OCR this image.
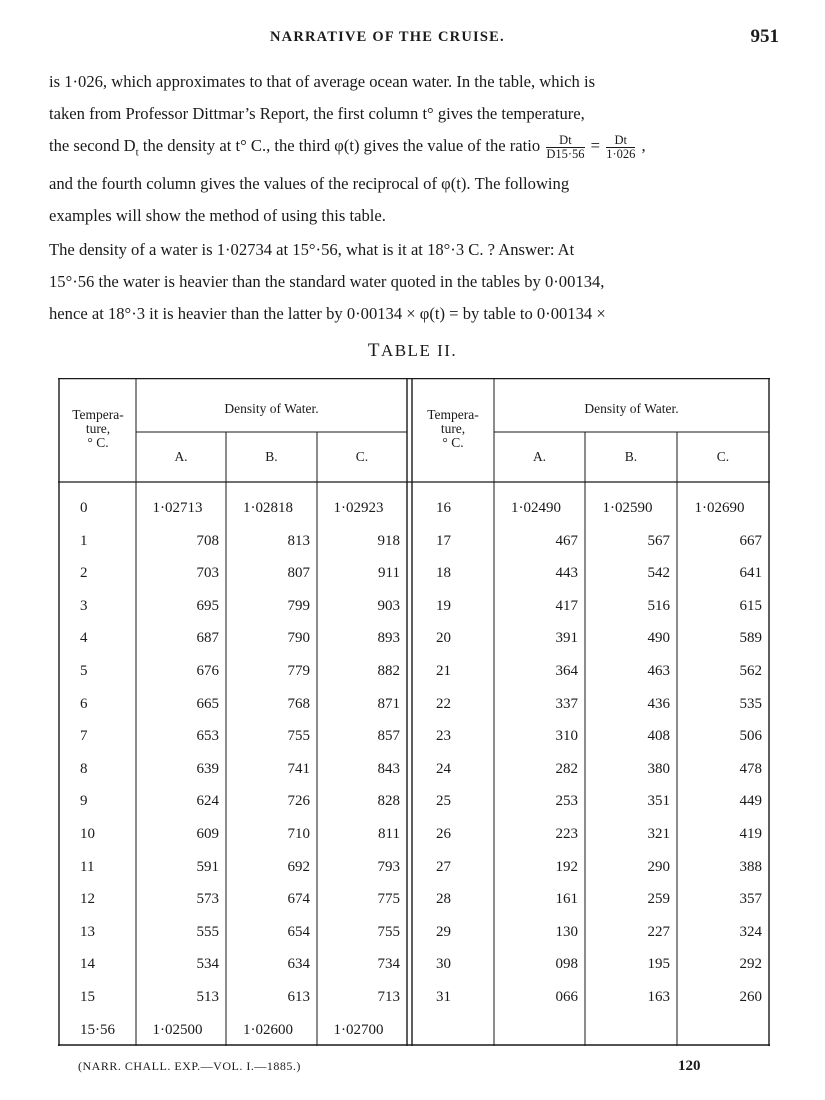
NARRATIVE OF THE CRUISE.	951

is 1·026, which approximates to that of average ocean water. In the table, which is

taken from Professor Dittmar’s Report, the first column t° gives the temperature,

the second $D_t$ the density at t° C., the third φ(t) gives the value of the ratio $\frac{Dt}{D15\cdot 56} = \frac{Dt}{1\cdot 026}$ ,

and the fourth column gives the values of the reciprocal of φ(t). The following

examples will show the method of using this table.

The density of a water is 1·02734 at 15°·56, what is it at 18°·3 C. ? Answer: At

15°·56 the water is heavier than the standard water quoted in the tables by 0·00134,

hence at 18°·3 it is heavier than the latter by 0·00134 × φ(t) = by table to 0·00134 ×

TABLE II.
Tempera-
ture,
° C.
Density of Water.
A.	B.	C.
Tempera-
ture,
° C.
Density of Water.
A.	B.	C.
0	1·02713	1·02818	1·02923
1	708	813	918
2	703	807	911
3	695	799	903
4	687	790	893
5	676	779	882
6	665	768	871
7	653	755	857
8	639	741	843
9	624	726	828
10	609	710	811
11	591	692	793
12	573	674	775
13	555	654	755
14	534	634	734
15	513	613	713
15·56	1·02500	1·02600	1·02700
16	1·02490	1·02590	1·02690
17	467	567	667
18	443	542	641
19	417	516	615
20	391	490	589
21	364	463	562
22	337	436	535
23	310	408	506
24	282	380	478
25	253	351	449
26	223	321	419
27	192	290	388
28	161	259	357
29	130	227	324
30	098	195	292
31	066	163	260
(NARR. CHALL. EXP.—VOL. I.—1885.)	120
